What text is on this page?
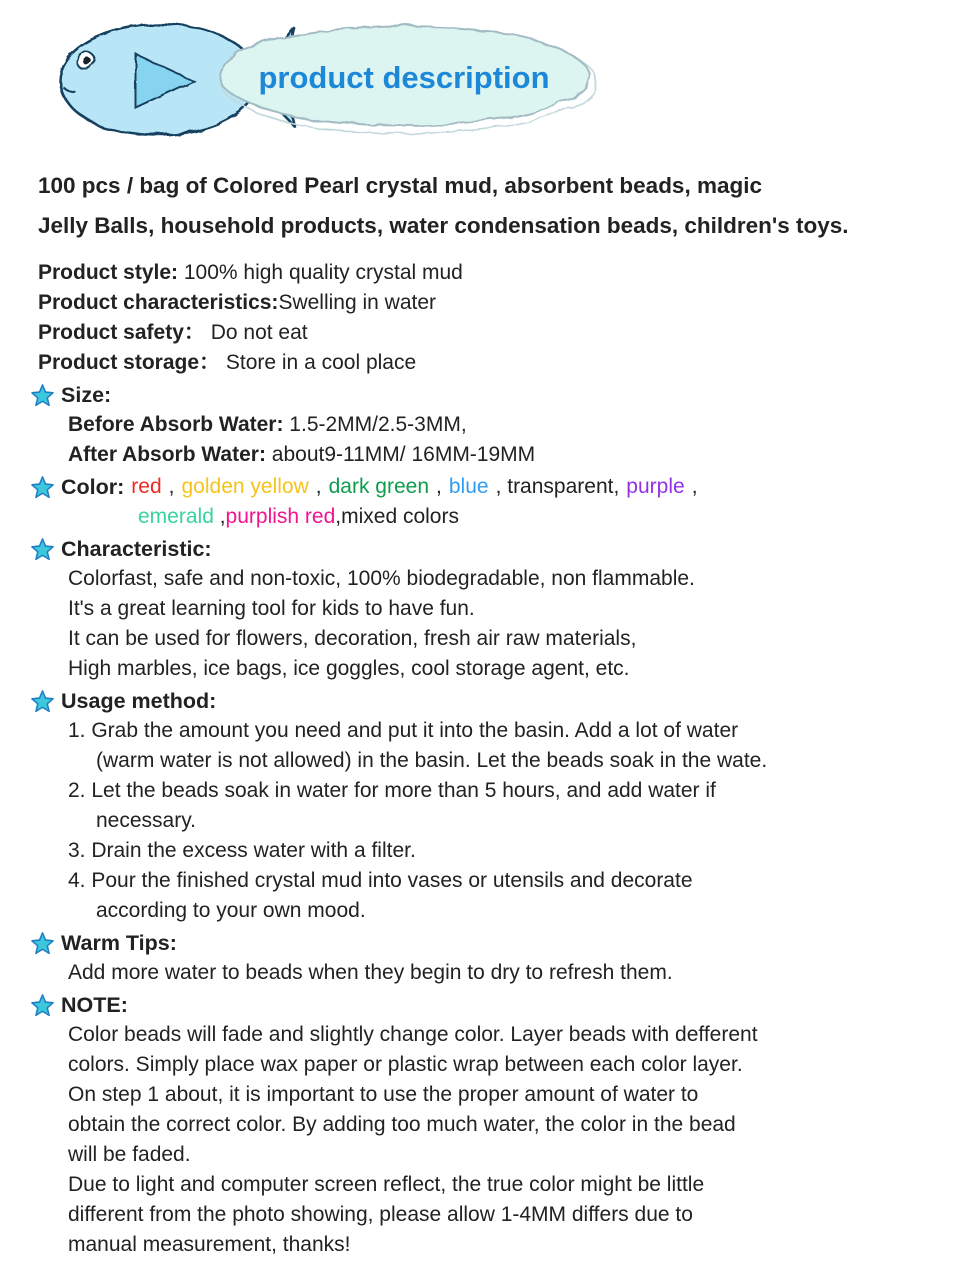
product description

100 pcs / bag of Colored Pearl crystal mud, absorbent beads, magic

Jelly Balls, household products, water condensation beads, children's toys.

Product style: 100% high quality crystal mud

Product characteristics:Swelling in water

Product safety： Do not eat

Product storage： Store in a cool place

Size:

Before Absorb Water: 1.5-2MM/2.5-3MM,

After Absorb Water: about9-11MM/ 16MM-19MM

Color: red , golden yellow , dark green , blue , transparent, purple ,

emerald ,purplish red,mixed colors

Characteristic:

Colorfast, safe and non-toxic, 100% biodegradable, non flammable.

It's a great learning tool for kids to have fun.

It can be used for flowers, decoration, fresh air raw materials,

High marbles, ice bags, ice goggles, cool storage agent, etc.

Usage method:

1. Grab the amount you need and put it into the basin. Add a lot of water

(warm water is not allowed) in the basin. Let the beads soak in the wate.

2. Let the beads soak in water for more than 5 hours, and add water if

necessary.

3. Drain the excess water with a filter.

4. Pour the finished crystal mud into vases or utensils and decorate

according to your own mood.

Warm Tips:

Add more water to beads when they begin to dry to refresh them.

NOTE:

Color beads will fade and slightly change color. Layer beads with defferent

colors. Simply place wax paper or plastic wrap between each color layer.

On step 1 about, it is important to use the proper amount of water to

obtain the correct color. By adding too much water, the color in the bead

will be faded.

Due to light and computer screen reflect, the true color might be little

different from the photo showing, please allow 1-4MM differs due to

manual measurement, thanks!
